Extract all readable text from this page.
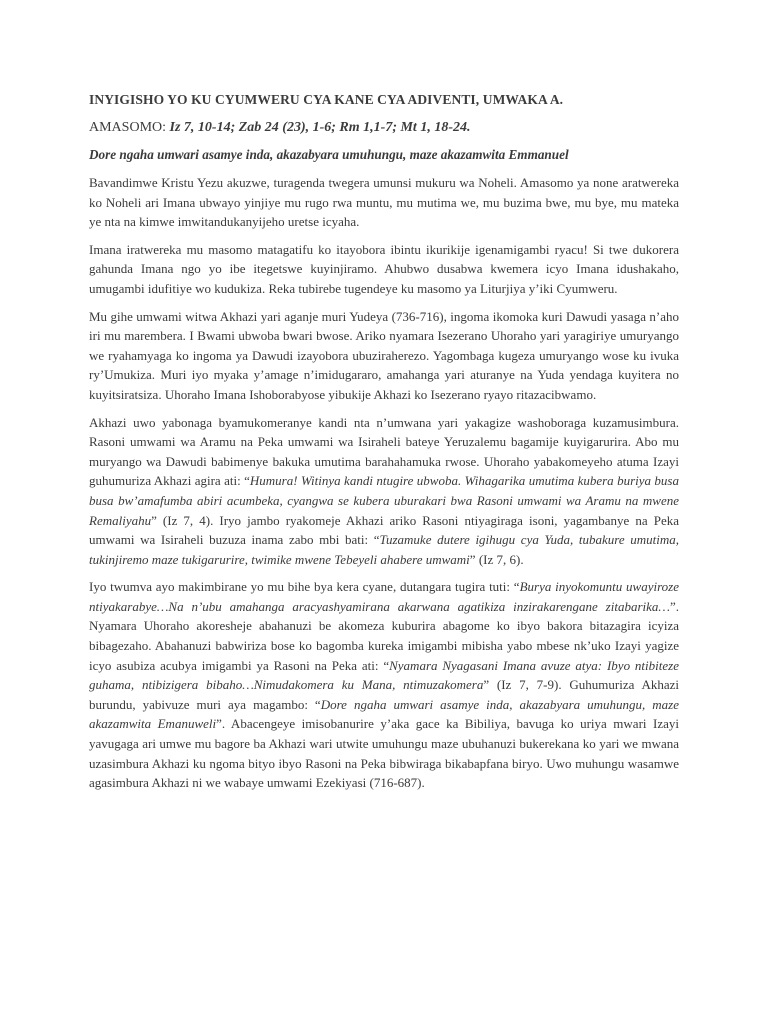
INYIGISHO YO KU CYUMWERU CYA KANE CYA ADIVENTI, UMWAKA A.
AMASOMO: Iz 7, 10-14; Zab 24 (23), 1-6; Rm 1,1-7; Mt 1, 18-24.
Dore ngaha umwari asamye inda, akazabyara umuhungu, maze akazamwita Emmanuel

Bavandimwe Kristu Yezu akuzwe, turagenda twegera umunsi mukuru wa Noheli. Amasomo ya none aratwereka ko Noheli ari Imana ubwayo yinjiye mu rugo rwa muntu, mu mutima we, mu buzima bwe, mu bye, mu mateka ye nta na kimwe imwitandukanyijeho uretse icyaha.

Imana iratwereka mu masomo matagatifu ko itayobora ibintu ikurikije igenamigambi ryacu! Si twe dukorera gahunda Imana ngo yo ibe itegetswe kuyinjiramo. Ahubwo dusabwa kwemera icyo Imana idushakaho, umugambi idufitiye wo kudukiza. Reka tubirebe tugendeye ku masomo ya Liturjiya y’iki Cyumweru.

Mu gihe umwami witwa Akhazi yari aganje muri Yudeya (736-716), ingoma ikomoka kuri Dawudi yasaga n’aho iri mu marembera. I Bwami ubwoba bwari bwose. Ariko nyamara Isezerano Uhoraho yari yaragiriye umuryango we ryahamyaga ko ingoma ya Dawudi izayobora ubuziraherezo. Yagombaga kugeza umuryango wose ku ivuka ry’Umukiza. Muri iyo myaka y’amage n’imidugararo, amahanga yari aturanye na Yuda yendaga kuyitera no kuyitsiratsiza. Uhoraho Imana Ishoborabyose yibukije Akhazi ko Isezerano ryayo ritazacibwamo.

Akhazi uwo yabonaga byamukomeranye kandi nta n’umwana yari yakagize washoboraga kuzamusimbura. Rasoni umwami wa Aramu na Peka umwami wa Isiraheli bateye Yeruzalemu bagamije kuyigarurira. Abo mu muryango wa Dawudi babimenye bakuka umutima barahahamuka rwose. Uhoraho yabakomeyeho atuma Izayi guhumuriza Akhazi agira ati: “Humura! Witinya kandi ntugire ubwoba. Wihagarika umutima kubera buriya busa busa bw’amafumba abiri acumbeka, cyangwa se kubera uburakari bwa Rasoni umwami wa Aramu na mwene Remaliyahu” (Iz 7, 4). Iryo jambo ryakomeje Akhazi ariko Rasoni ntiyagiraga isoni, yagambanye na Peka umwami wa Isiraheli buzuza inama zabo mbi bati: “Tuzamuke dutere igihugu cya Yuda, tubakure umutima, tukinjiremo maze tukigarurire, twimike mwene Tebeyeli ahabere umwami” (Iz 7, 6).

Iyo twumva ayo makimbirane yo mu bihe bya kera cyane, dutangara tugira tuti: “Burya inyokomuntu uwayiroze ntiyakarabye…Na n’ubu amahanga aracyashyamirana akarwana agatikiza inzirakarengane zitabarika…”. Nyamara Uhoraho akoresheje abahanuzi be akomeza kuburira abagome ko ibyo bakora bitazagira icyiza bibagezaho. Abahanuzi babwiriza bose ko bagomba kureka imigambi mibisha yabo mbese nk’uko Izayi yagize icyo asubiza acubya imigambi ya Rasoni na Peka ati: “Nyamara Nyagasani Imana avuze atya: Ibyo ntibiteze guhama, ntibizigera bibaho…Nimudakomera ku Mana, ntimuzakomera” (Iz 7, 7-9). Guhumuriza Akhazi burundu, yabivuze muri aya magambo: “Dore ngaha umwari asamye inda, akazabyara umuhungu, maze akazamwita Emanuweli”. Abacengeye imisobanurire y’aka gace ka Bibiliya, bavuga ko uriya mwari Izayi yavugaga ari umwe mu bagore ba Akhazi wari utwite umuhungu maze ubuhanuzi bukerekana ko yari we mwana uzasimbura Akhazi ku ngoma bityo ibyo Rasoni na Peka bibwiraga bikabapfana biryo. Uwo muhungu wasamwe agasimbura Akhazi ni we wabaye umwami Ezekiyasi (716-687).
